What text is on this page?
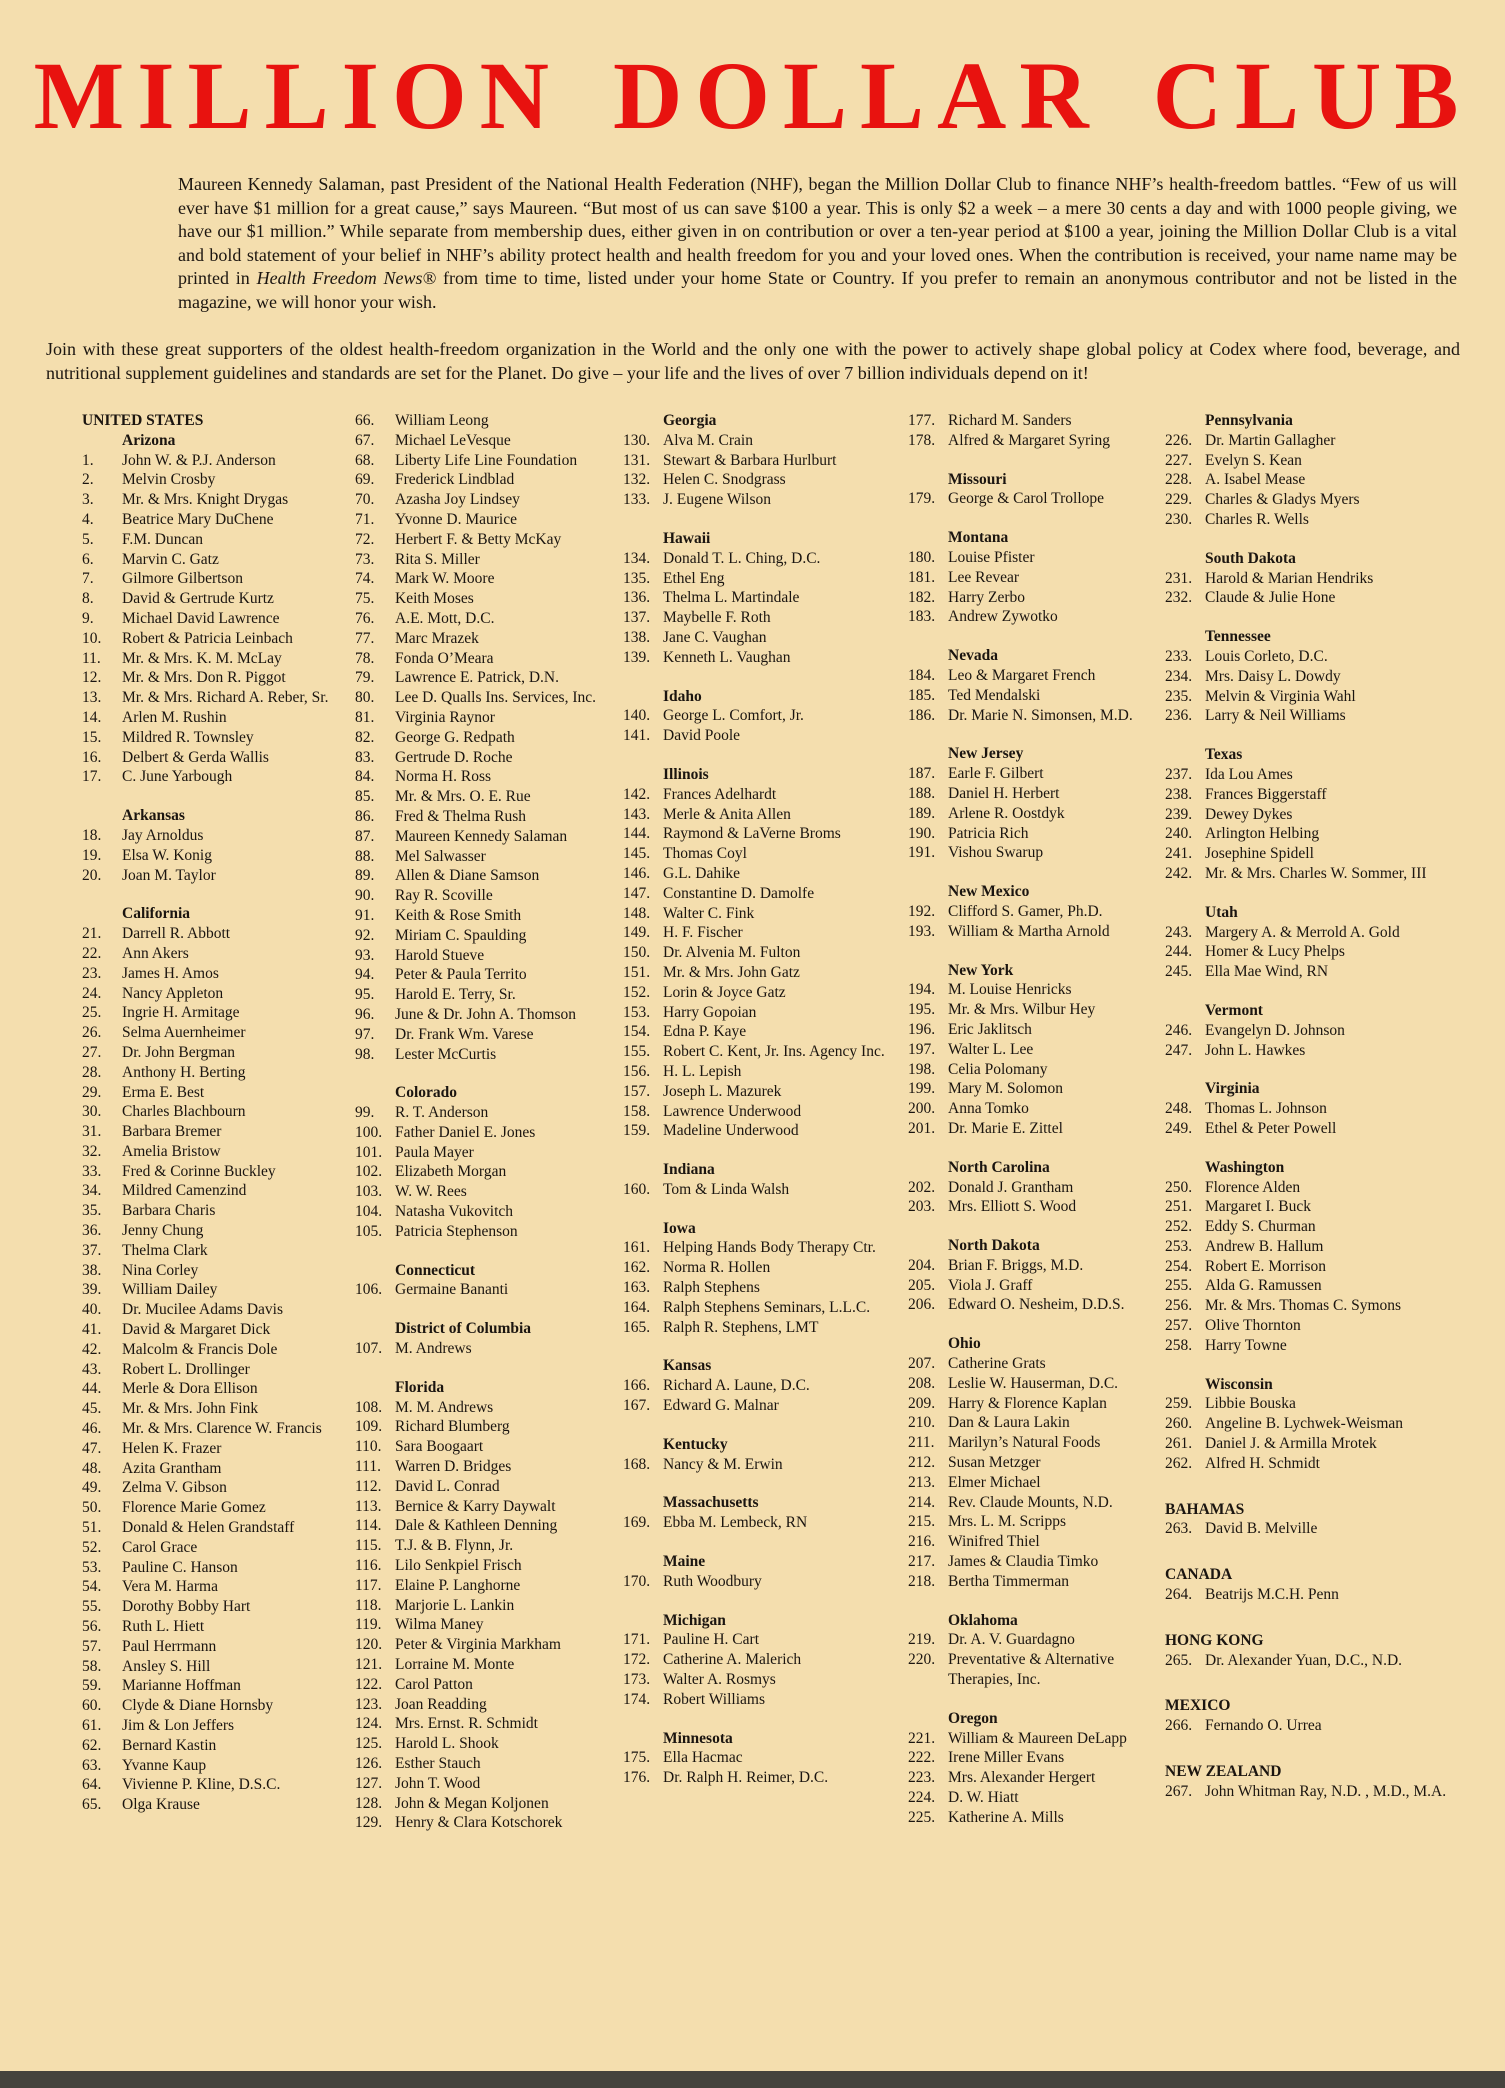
MILLION DOLLAR CLUB

Maureen Kennedy Salaman, past President of the National Health Federation (NHF), began the Million Dollar Club to finance NHF’s health-freedom battles. “Few of us will ever have $1 million for a great cause,” says Maureen. “But most of us can save $100 a year. This is only $2 a week – a mere 30 cents a day and with 1000 people giving, we have our $1 million.” While separate from membership dues, either given in on contribution or over a ten-year period at $100 a year, joining the Million Dollar Club is a vital and bold statement of your belief in NHF’s ability protect health and health freedom for you and your loved ones. When the contribution is received, your name name may be printed in Health Freedom News® from time to time, listed under your home State or Country. If you prefer to remain an anonymous contributor and not be listed in the magazine, we will honor your wish.

Join with these great supporters of the oldest health-freedom organization in the World and the only one with the power to actively shape global policy at Codex where food, beverage, and nutritional supplement guidelines and standards are set for the Planet. Do give – your life and the lives of over 7 billion individuals depend on it!

UNITED STATES
Arizona
1.	John W. & P.J. Anderson
2.	Melvin Crosby
3.	Mr. & Mrs. Knight Drygas
4.	Beatrice Mary DuChene
5.	F.M. Duncan
6.	Marvin C. Gatz
7.	Gilmore Gilbertson
8.	David & Gertrude Kurtz
9.	Michael David Lawrence
10.	Robert & Patricia Leinbach
11.	Mr. & Mrs. K. M. McLay
12.	Mr. & Mrs. Don R. Piggot
13.	Mr. & Mrs. Richard A. Reber, Sr.
14.	Arlen M. Rushin
15.	Mildred R. Townsley
16.	Delbert & Gerda Wallis
17.	C. June Yarbough
Arkansas
18.	Jay Arnoldus
19.	Elsa W. Konig
20.	Joan M. Taylor
California
21.	Darrell R. Abbott
22.	Ann Akers
23.	James H. Amos
24.	Nancy Appleton
25.	Ingrie H. Armitage
26.	Selma Auernheimer
27.	Dr. John Bergman
28.	Anthony H. Berting
29.	Erma E. Best
30.	Charles Blachbourn
31.	Barbara Bremer
32.	Amelia Bristow
33.	Fred & Corinne Buckley
34.	Mildred Camenzind
35.	Barbara Charis
36.	Jenny Chung
37.	Thelma Clark
38.	Nina Corley
39.	William Dailey
40.	Dr. Mucilee Adams Davis
41.	David & Margaret Dick
42.	Malcolm & Francis Dole
43.	Robert L. Drollinger
44.	Merle & Dora Ellison
45.	Mr. & Mrs. John Fink
46.	Mr. & Mrs. Clarence W. Francis
47.	Helen K. Frazer
48.	Azita Grantham
49.	Zelma V. Gibson
50.	Florence Marie Gomez
51.	Donald & Helen Grandstaff
52.	Carol Grace
53.	Pauline C. Hanson
54.	Vera M. Harma
55.	Dorothy Bobby Hart
56.	Ruth L. Hiett
57.	Paul Herrmann
58.	Ansley S. Hill
59.	Marianne Hoffman
60.	Clyde & Diane Hornsby
61.	Jim & Lon Jeffers
62.	Bernard Kastin
63.	Yvanne Kaup
64.	Vivienne P. Kline, D.S.C.
65.	Olga Krause
66.	William Leong
67.	Michael LeVesque
68.	Liberty Life Line Foundation
69.	Frederick Lindblad
70.	Azasha Joy Lindsey
71.	Yvonne D. Maurice
72.	Herbert F. & Betty McKay
73.	Rita S. Miller
74.	Mark W. Moore
75.	Keith Moses
76.	A.E. Mott, D.C.
77.	Marc Mrazek
78.	Fonda O’Meara
79.	Lawrence E. Patrick, D.N.
80.	Lee D. Qualls Ins. Services, Inc.
81.	Virginia Raynor
82.	George G. Redpath
83.	Gertrude D. Roche
84.	Norma H. Ross
85.	Mr. & Mrs. O. E. Rue
86.	Fred & Thelma Rush
87.	Maureen Kennedy Salaman
88.	Mel Salwasser
89.	Allen & Diane Samson
90.	Ray R. Scoville
91.	Keith & Rose Smith
92.	Miriam C. Spaulding
93.	Harold Stueve
94.	Peter & Paula Territo
95.	Harold E. Terry, Sr.
96.	June & Dr. John A. Thomson
97.	Dr. Frank Wm. Varese
98.	Lester McCurtis
Colorado
99.	R. T. Anderson
100. Father Daniel E. Jones
101. Paula Mayer
102. Elizabeth Morgan
103. W. W. Rees
104. Natasha Vukovitch
105. Patricia Stephenson
Connecticut
106. Germaine Bananti
District of Columbia
107. M. Andrews
Florida
108. M. M. Andrews
109. Richard Blumberg
110. Sara Boogaart
111. Warren D. Bridges
112. David L. Conrad
113. Bernice & Karry Daywalt
114. Dale & Kathleen Denning
115. T.J. & B. Flynn, Jr.
116. Lilo Senkpiel Frisch
117. Elaine P. Langhorne
118. Marjorie L. Lankin
119. Wilma Maney
120. Peter & Virginia Markham
121. Lorraine M. Monte
122. Carol Patton
123. Joan Readding
124. Mrs. Ernst. R. Schmidt
125. Harold L. Shook
126. Esther Stauch
127. John T. Wood
128. John & Megan Koljonen
129. Henry & Clara Kotschorek
Georgia
130. Alva M. Crain
131. Stewart & Barbara Hurlburt
132. Helen C. Snodgrass
133. J. Eugene Wilson
Hawaii
134. Donald T. L. Ching, D.C.
135. Ethel Eng
136. Thelma L. Martindale
137. Maybelle F. Roth
138. Jane C. Vaughan
139. Kenneth L. Vaughan
Idaho
140. George L. Comfort, Jr.
141. David Poole
Illinois
142. Frances Adelhardt
143. Merle & Anita Allen
144. Raymond & LaVerne Broms
145. Thomas Coyl
146. G.L. Dahike
147. Constantine D. Damolfe
148. Walter C. Fink
149. H. F. Fischer
150. Dr. Alvenia M. Fulton
151. Mr. & Mrs. John Gatz
152. Lorin & Joyce Gatz
153. Harry Gopoian
154. Edna P. Kaye
155. Robert C. Kent, Jr. Ins. Agency Inc.
156. H. L. Lepish
157. Joseph L. Mazurek
158. Lawrence Underwood
159. Madeline Underwood
Indiana
160. Tom & Linda Walsh
Iowa
161. Helping Hands Body Therapy Ctr.
162. Norma R. Hollen
163. Ralph Stephens
164. Ralph Stephens Seminars, L.L.C.
165. Ralph R. Stephens, LMT
Kansas
166. Richard A. Laune, D.C.
167. Edward G. Malnar
Kentucky
168. Nancy & M. Erwin
Massachusetts
169. Ebba M. Lembeck, RN
Maine
170. Ruth Woodbury
Michigan
171. Pauline H. Cart
172. Catherine A. Malerich
173. Walter A. Rosmys
174. Robert Williams
Minnesota
175. Ella Hacmac
176. Dr. Ralph H. Reimer, D.C.
177. Richard M. Sanders
178. Alfred & Margaret Syring
Missouri
179. George & Carol Trollope
Montana
180. Louise Pfister
181. Lee Revear
182. Harry Zerbo
183. Andrew Zywotko
Nevada
184. Leo & Margaret French
185. Ted Mendalski
186. Dr. Marie N. Simonsen, M.D.
New Jersey
187. Earle F. Gilbert
188. Daniel H. Herbert
189. Arlene R. Oostdyk
190. Patricia Rich
191. Vishou Swarup
New Mexico
192. Clifford S. Gamer, Ph.D.
193. William & Martha Arnold
New York
194. M. Louise Henricks
195. Mr. & Mrs. Wilbur Hey
196. Eric Jaklitsch
197. Walter L. Lee
198. Celia Polomany
199. Mary M. Solomon
200. Anna Tomko
201. Dr. Marie E. Zittel
North Carolina
202. Donald J. Grantham
203. Mrs. Elliott S. Wood
North Dakota
204. Brian F. Briggs, M.D.
205. Viola J. Graff
206. Edward O. Nesheim, D.D.S.
Ohio
207. Catherine Grats
208. Leslie W. Hauserman, D.C.
209. Harry & Florence Kaplan
210. Dan & Laura Lakin
211. Marilyn’s Natural Foods
212. Susan Metzger
213. Elmer Michael
214. Rev. Claude Mounts, N.D.
215. Mrs. L. M. Scripps
216. Winifred Thiel
217. James & Claudia Timko
218. Bertha Timmerman
Oklahoma
219. Dr. A. V. Guardagno
220. Preventative & Alternative Therapies, Inc.
Oregon
221. William & Maureen DeLapp
222. Irene Miller Evans
223. Mrs. Alexander Hergert
224. D. W. Hiatt
225. Katherine A. Mills
Pennsylvania
226. Dr. Martin Gallagher
227. Evelyn S. Kean
228. A. Isabel Mease
229. Charles & Gladys Myers
230. Charles R. Wells
South Dakota
231. Harold & Marian Hendriks
232. Claude & Julie Hone
Tennessee
233. Louis Corleto, D.C.
234. Mrs. Daisy L. Dowdy
235. Melvin & Virginia Wahl
236. Larry & Neil Williams
Texas
237. Ida Lou Ames
238. Frances Biggerstaff
239. Dewey Dykes
240. Arlington Helbing
241. Josephine Spidell
242. Mr. & Mrs. Charles W. Sommer, III
Utah
243. Margery A. & Merrold A. Gold
244. Homer & Lucy Phelps
245. Ella Mae Wind, RN
Vermont
246. Evangelyn D. Johnson
247. John L. Hawkes
Virginia
248. Thomas L. Johnson
249. Ethel & Peter Powell
Washington
250. Florence Alden
251. Margaret I. Buck
252. Eddy S. Churman
253. Andrew B. Hallum
254. Robert E. Morrison
255. Alda G. Ramussen
256. Mr. & Mrs. Thomas C. Symons
257. Olive Thornton
258. Harry Towne
Wisconsin
259. Libbie Bouska
260. Angeline B. Lychwek-Weisman
261. Daniel J. & Armilla Mrotek
262. Alfred H. Schmidt
BAHAMAS
263. David B. Melville
CANADA
264. Beatrijs M.C.H. Penn
HONG KONG
265. Dr. Alexander Yuan, D.C., N.D.
MEXICO
266. Fernando O. Urrea
NEW ZEALAND
267. John Whitman Ray, N.D. , M.D., M.A.
